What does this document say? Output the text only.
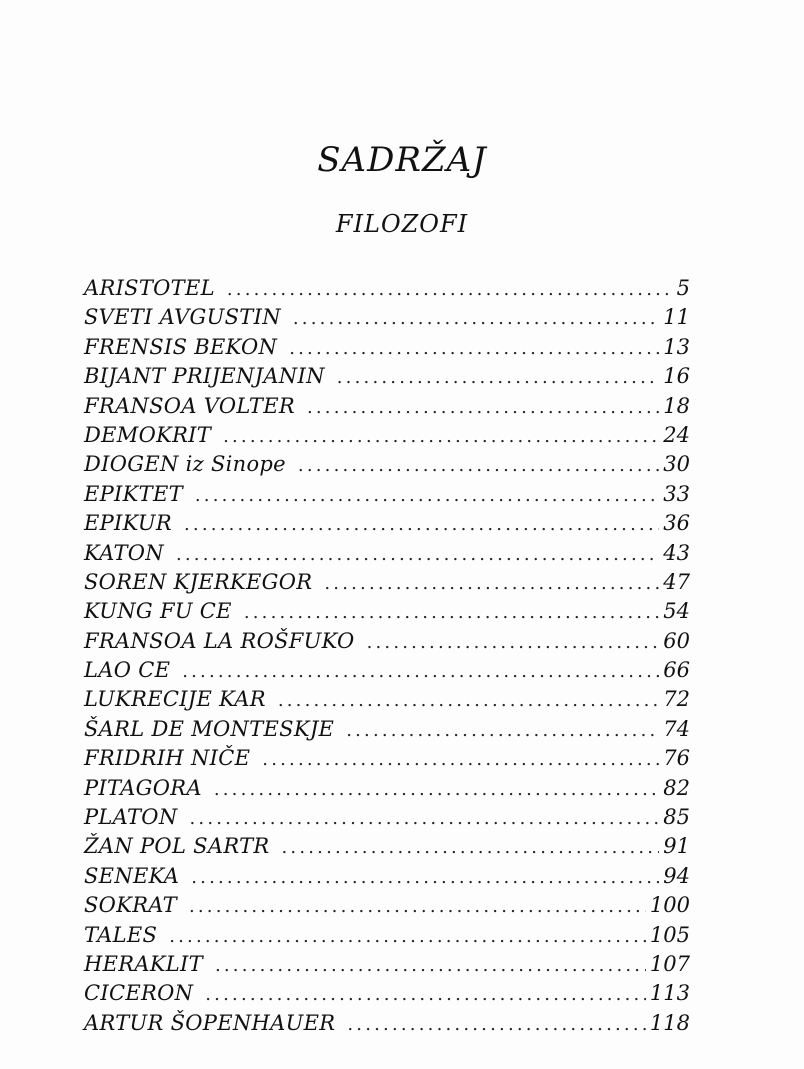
SADRŽAJ
FILOZOFI
ARISTOTEL .....	5
SVETI AVGUSTIN .....	11
FRENSIS BEKON .....	13
BIJANT PRIJENJANIN .....	16
FRANSOA VOLTER .....	18
DEMOKRIT .....	24
DIOGEN iz Sinope .....	30
EPIKTET .....	33
EPIKUR .....	36
KATON .....	43
SOREN KJERKEGOR .....	47
KUNG FU CE .....	54
FRANSOA LA ROŠFUKO .....	60
LAO CE .....	66
LUKRECIJE KAR .....	72
ŠARL DE MONTESKJE .....	74
FRIDRIH NIČE .....	76
PITAGORA .....	82
PLATON .....	85
ŽAN POL SARTR .....	91
SENEKA .....	94
SOKRAT .....	100
TALES .....	105
HERAKLIT .....	107
CICERON .....	113
ARTUR ŠOPENHAUER .....	118
